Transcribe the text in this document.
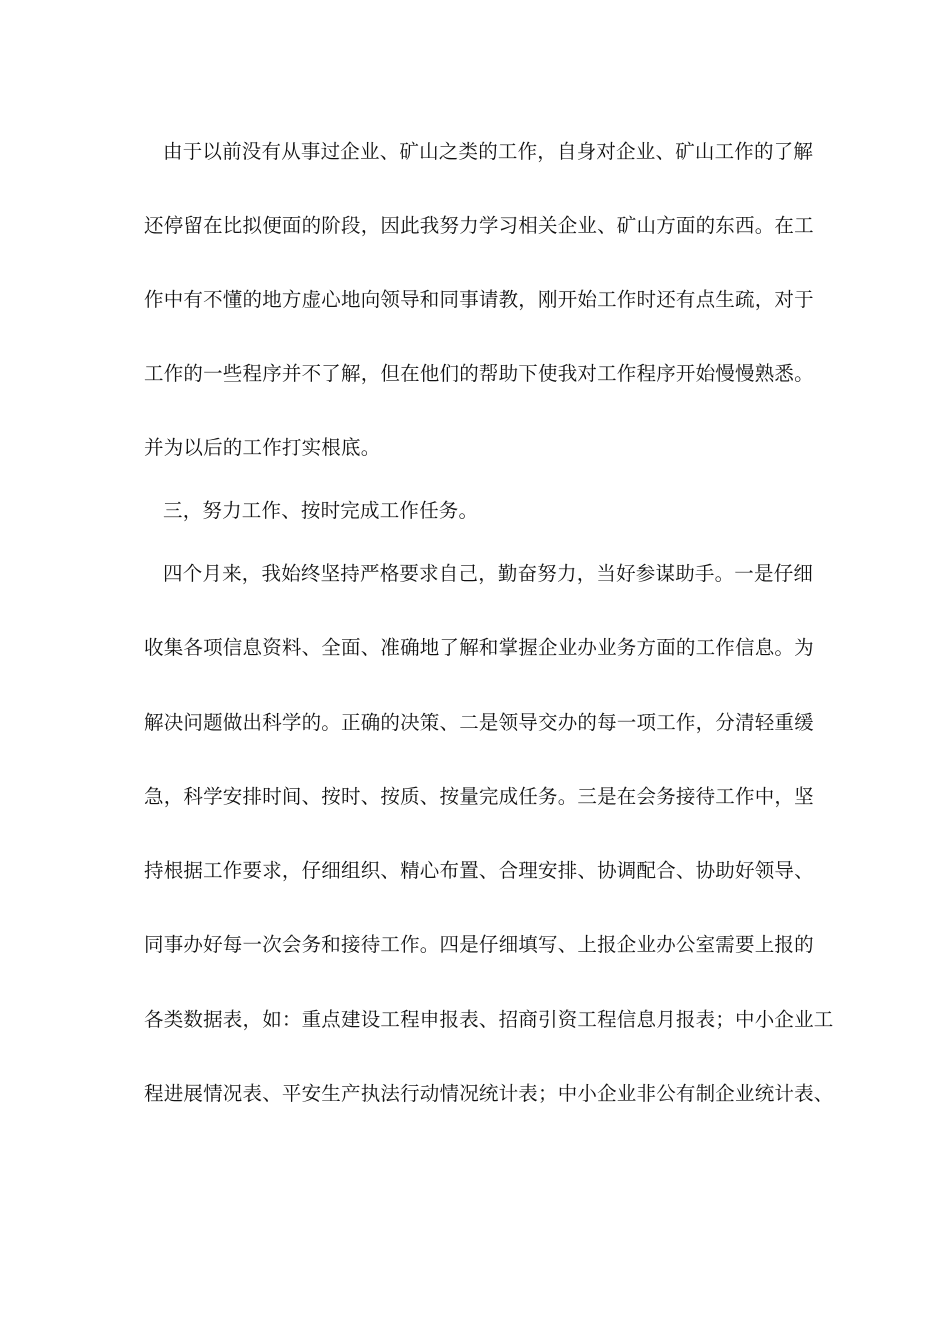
由于以前没有从事过企业、矿山之类的工作，自身对企业、矿山工作的了解
还停留在比拟便面的阶段，因此我努力学习相关企业、矿山方面的东西。在工
作中有不懂的地方虚心地向领导和同事请教，刚开始工作时还有点生疏，对于
工作的一些程序并不了解，但在他们的帮助下使我对工作程序开始慢慢熟悉。
并为以后的工作打实根底。
三，努力工作、按时完成工作任务。
四个月来，我始终坚持严格要求自己，勤奋努力，当好参谋助手。一是仔细
收集各项信息资料、全面、准确地了解和掌握企业办业务方面的工作信息。为
解决问题做出科学的。正确的决策、二是领导交办的每一项工作，分清轻重缓
急，科学安排时间、按时、按质、按量完成任务。三是在会务接待工作中，坚
持根据工作要求，仔细组织、精心布置、合理安排、协调配合、协助好领导、
同事办好每一次会务和接待工作。四是仔细填写、上报企业办公室需要上报的
各类数据表，如：重点建设工程申报表、招商引资工程信息月报表；中小企业工
程进展情况表、平安生产执法行动情况统计表；中小企业非公有制企业统计表、
